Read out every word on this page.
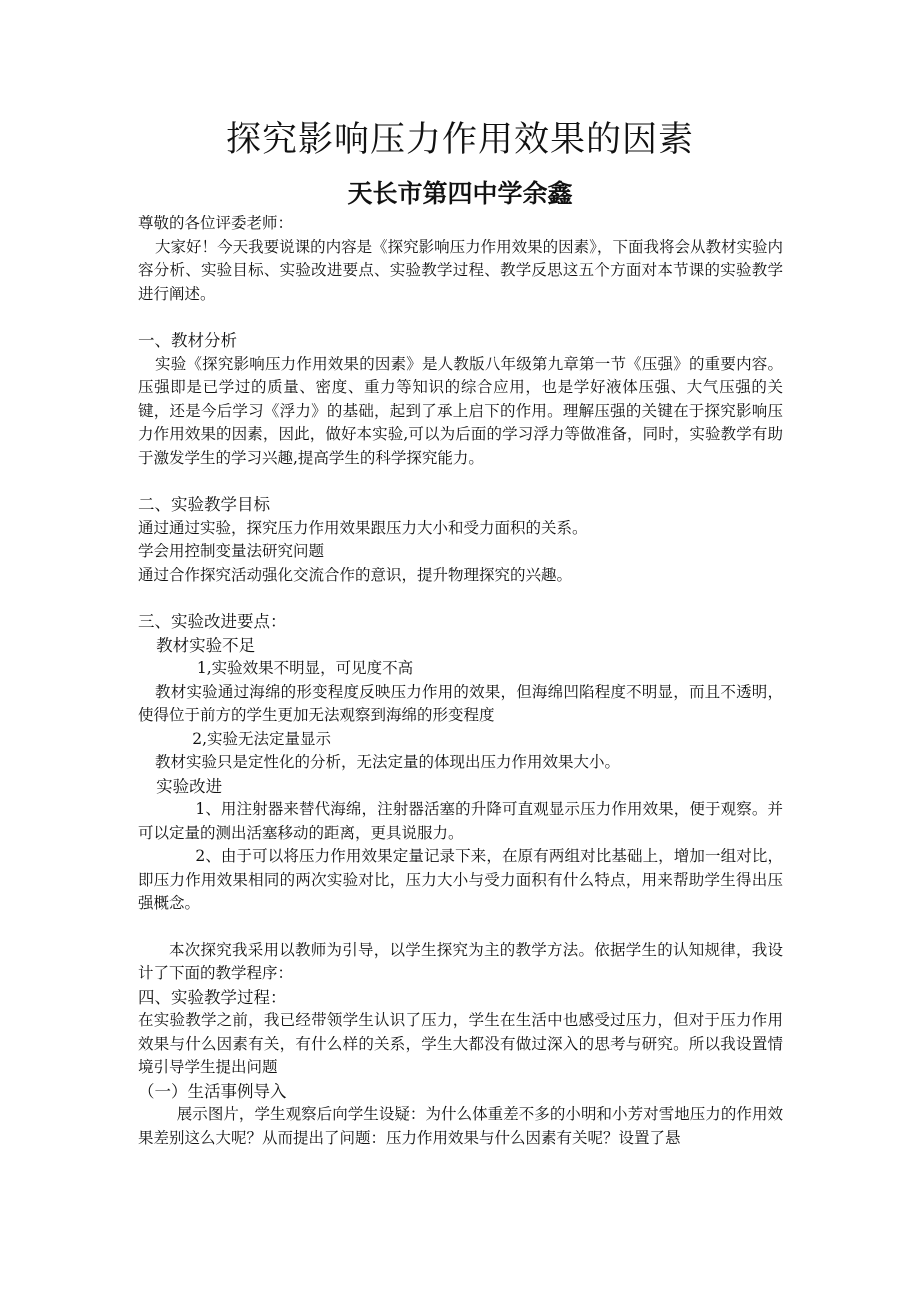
探究影响压力作用效果的因素
天长市第四中学余鑫

尊敬的各位评委老师：

大家好！今天我要说课的内容是《探究影响压力作用效果的因素》，下面我将会从教材实验内容分析、实验目标、实验改进要点、实验教学过程、教学反思这五个方面对本节课的实验教学进行阐述。

一、教材分析

实验《探究影响压力作用效果的因素》是人教版八年级第九章第一节《压强》的重要内容。压强即是已学过的质量、密度、重力等知识的综合应用，也是学好液体压强、大气压强的关键，还是今后学习《浮力》的基础，起到了承上启下的作用。理解压强的关键在于探究影响压力作用效果的因素，因此，做好本实验,可以为后面的学习浮力等做准备，同时，实验教学有助于激发学生的学习兴趣,提高学生的科学探究能力。

二、实验教学目标

通过通过实验，探究压力作用效果跟压力大小和受力面积的关系。

学会用控制变量法研究问题

通过合作探究活动强化交流合作的意识，提升物理探究的兴趣。

三、实验改进要点：

教材实验不足

1,实验效果不明显，可见度不高

教材实验通过海绵的形变程度反映压力作用的效果，但海绵凹陷程度不明显，而且不透明，使得位于前方的学生更加无法观察到海绵的形变程度

2,实验无法定量显示

教材实验只是定性化的分析，无法定量的体现出压力作用效果大小。

实验改进

1、用注射器来替代海绵，注射器活塞的升降可直观显示压力作用效果，便于观察。并可以定量的测出活塞移动的距离，更具说服力。

2、由于可以将压力作用效果定量记录下来，在原有两组对比基础上，增加一组对比，即压力作用效果相同的两次实验对比，压力大小与受力面积有什么特点，用来帮助学生得出压强概念。

本次探究我采用以教师为引导，以学生探究为主的教学方法。依据学生的认知规律，我设计了下面的教学程序：

四、实验教学过程：

在实验教学之前，我已经带领学生认识了压力，学生在生活中也感受过压力，但对于压力作用效果与什么因素有关，有什么样的关系，学生大都没有做过深入的思考与研究。所以我设置情境引导学生提出问题

（一）生活事例导入

展示图片，学生观察后向学生设疑：为什么体重差不多的小明和小芳对雪地压力的作用效果差别这么大呢？从而提出了问题：压力作用效果与什么因素有关呢？设置了悬
